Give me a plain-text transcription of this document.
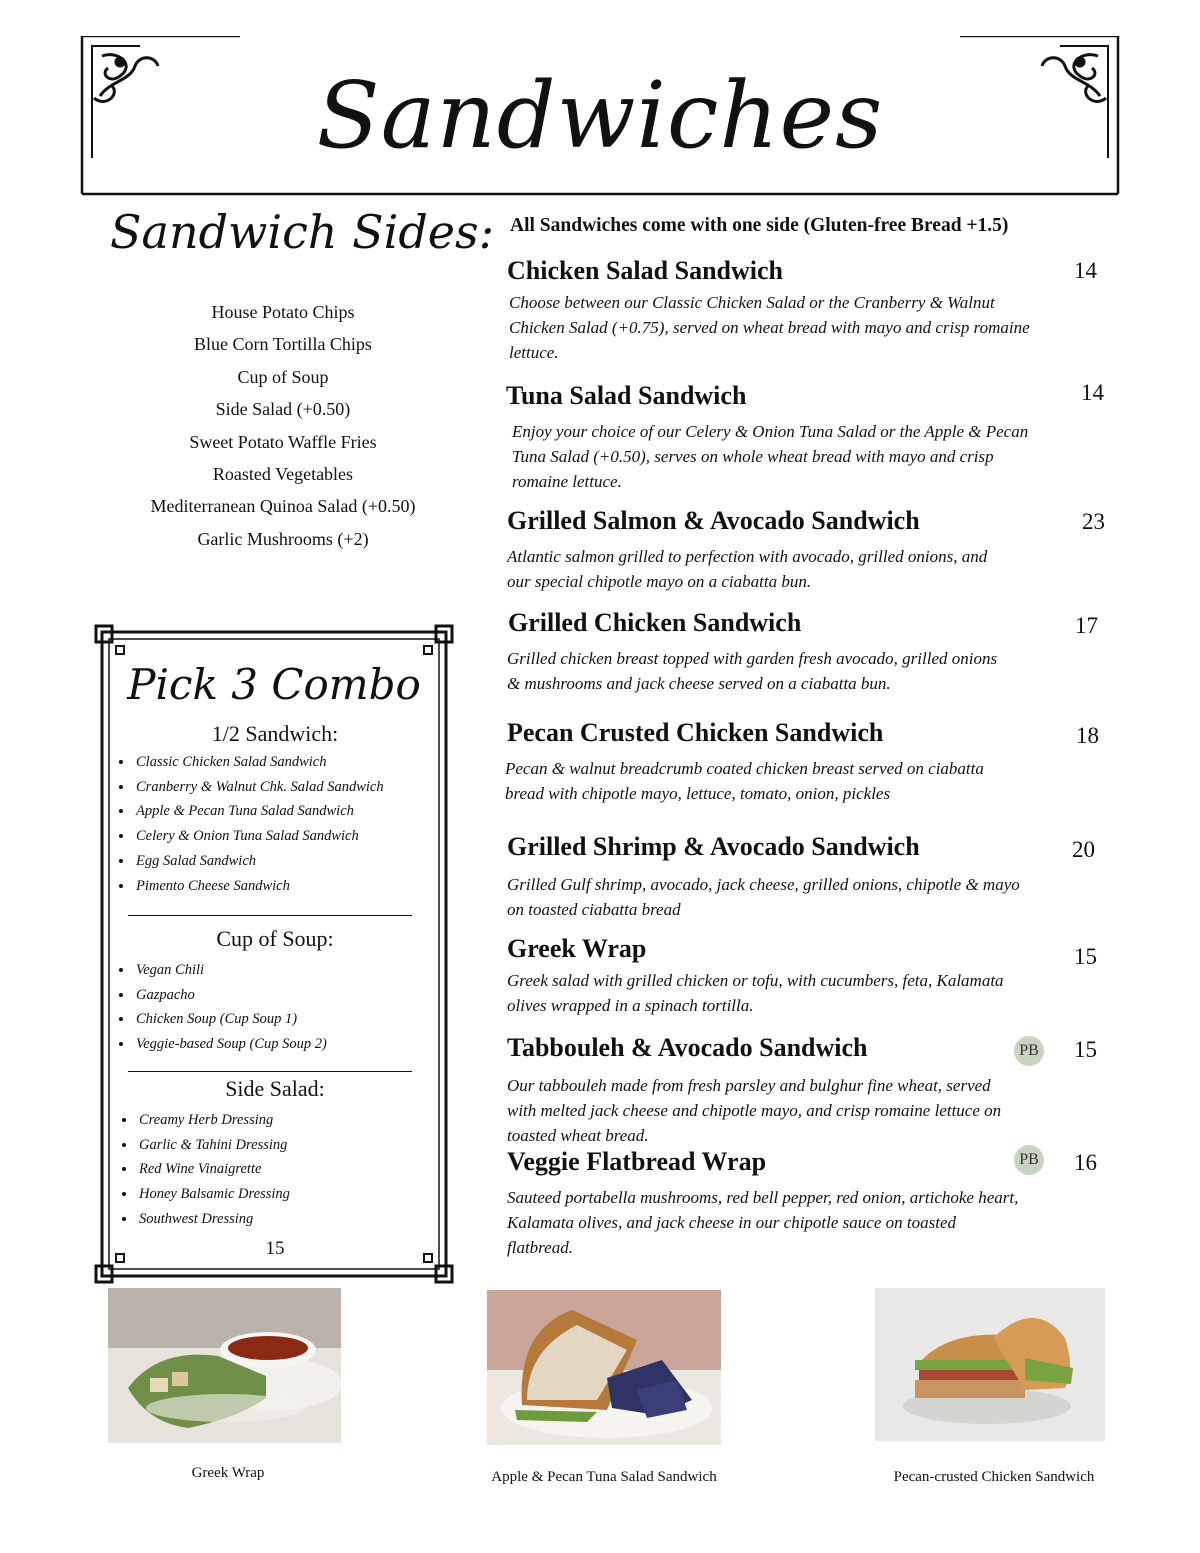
Sandwiches
Sandwich Sides:
House Potato Chips
Blue Corn Tortilla Chips
Cup of Soup
Side Salad (+0.50)
Sweet Potato Waffle Fries
Roasted Vegetables
Mediterranean Quinoa Salad (+0.50)
Garlic Mushrooms (+2)
Pick 3 Combo
1/2 Sandwich:
• Classic Chicken Salad Sandwich
• Cranberry & Walnut Chk. Salad Sandwich
• Apple & Pecan Tuna Salad Sandwich
• Celery & Onion Tuna Salad Sandwich
• Egg Salad Sandwich
• Pimento Cheese Sandwich
Cup of Soup:
• Vegan Chili
• Gazpacho
• Chicken Soup (Cup Soup 1)
• Veggie-based Soup (Cup Soup 2)
Side Salad:
• Creamy Herb Dressing
• Garlic & Tahini Dressing
• Red Wine Vinaigrette
• Honey Balsamic Dressing
• Southwest Dressing
15
All Sandwiches come with one side (Gluten-free Bread +1.5)
Chicken Salad Sandwich	14
Choose between our Classic Chicken Salad or the Cranberry & Walnut
Chicken Salad (+0.75), served on wheat bread with mayo and crisp romaine
lettuce.
Tuna Salad Sandwich	14
Enjoy your choice of our Celery & Onion Tuna Salad or the Apple & Pecan
Tuna Salad (+0.50), serves on whole wheat bread with mayo and crisp
romaine lettuce.
Grilled Salmon & Avocado Sandwich	23
Atlantic salmon grilled to perfection with avocado, grilled onions, and
our special chipotle mayo on a ciabatta bun.
Grilled Chicken Sandwich	17
Grilled chicken breast topped with garden fresh avocado, grilled onions
& mushrooms and jack cheese served on a ciabatta bun.
Pecan Crusted Chicken Sandwich	18
Pecan & walnut breadcrumb coated chicken breast served on ciabatta
bread with chipotle mayo, lettuce, tomato, onion, pickles
Grilled Shrimp & Avocado Sandwich	20
Grilled Gulf shrimp, avocado, jack cheese, grilled onions, chipotle & mayo
on toasted ciabatta bread
Greek Wrap	15
Greek salad with grilled chicken or tofu, with cucumbers, feta, Kalamata
olives wrapped in a spinach tortilla.
Tabbouleh & Avocado Sandwich	PB	15
Our tabbouleh made from fresh parsley and bulghur fine wheat, served
with melted jack cheese and chipotle mayo, and crisp romaine lettuce on
toasted wheat bread.
Veggie Flatbread Wrap	PB	16
Sauteed portabella mushrooms, red bell pepper, red onion, artichoke heart,
Kalamata olives, and jack cheese in our chipotle sauce on toasted
flatbread.
Greek Wrap	Apple & Pecan Tuna Salad Sandwich	Pecan-crusted Chicken Sandwich
